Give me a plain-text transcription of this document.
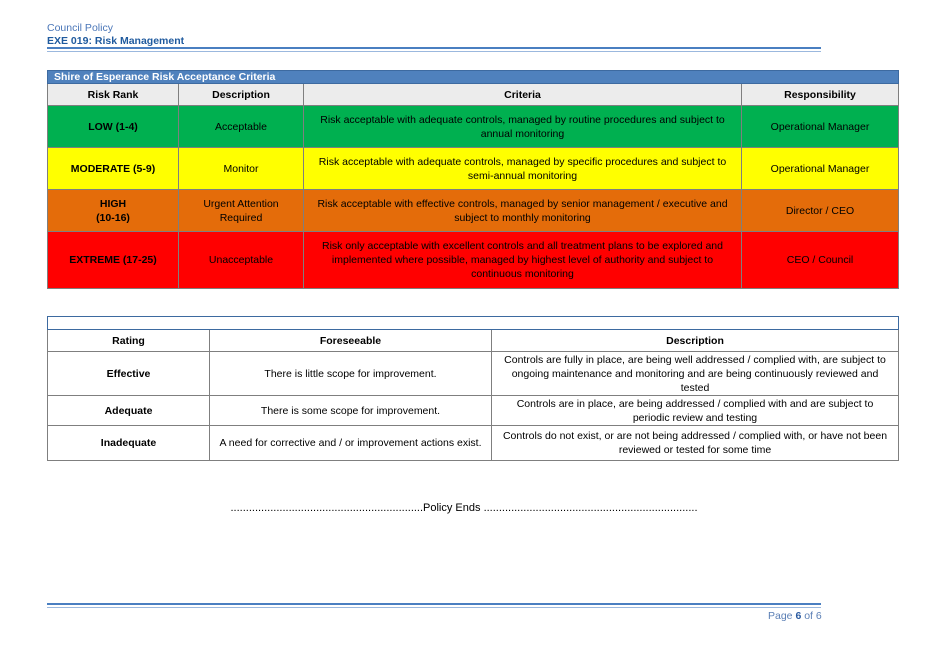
Council Policy
EXE 019: Risk Management
Shire of Esperance Risk Acceptance Criteria			
Risk Rank	Description	Criteria	Responsibility
LOW (1-4)	Acceptable	Risk acceptable with adequate controls, managed by routine procedures and subject to annual monitoring	Operational Manager
MODERATE (5-9)	Monitor	Risk acceptable with adequate controls, managed by specific procedures and subject to semi-annual monitoring	Operational Manager

HIGH
(10-16)	Urgent Attention Required	Risk acceptable with effective controls, managed by senior management / executive and subject to monthly monitoring	Director / CEO
EXTREME (17-25)	Unacceptable	Risk only acceptable with excellent controls and all treatment plans to be explored and implemented where possible, managed by highest level of authority and subject to continuous monitoring	CEO / Council
Shire of Esperance Existing Controls Ratings		
Rating	Foreseeable	Description
Effective	There is little scope for improvement.	Controls are fully in place, are being well addressed / complied with, are subject to ongoing maintenance and monitoring and are being continuously reviewed and tested
Adequate	There is some scope for improvement.	Controls are in place, are being addressed / complied with and are subject to periodic review and testing
Inadequate	A need for corrective and / or improvement actions exist.	Controls do not exist, or are not being addressed / complied with, or have not been reviewed or tested for some time
...............................................................Policy Ends ......................................................................
Page 6 of 6
